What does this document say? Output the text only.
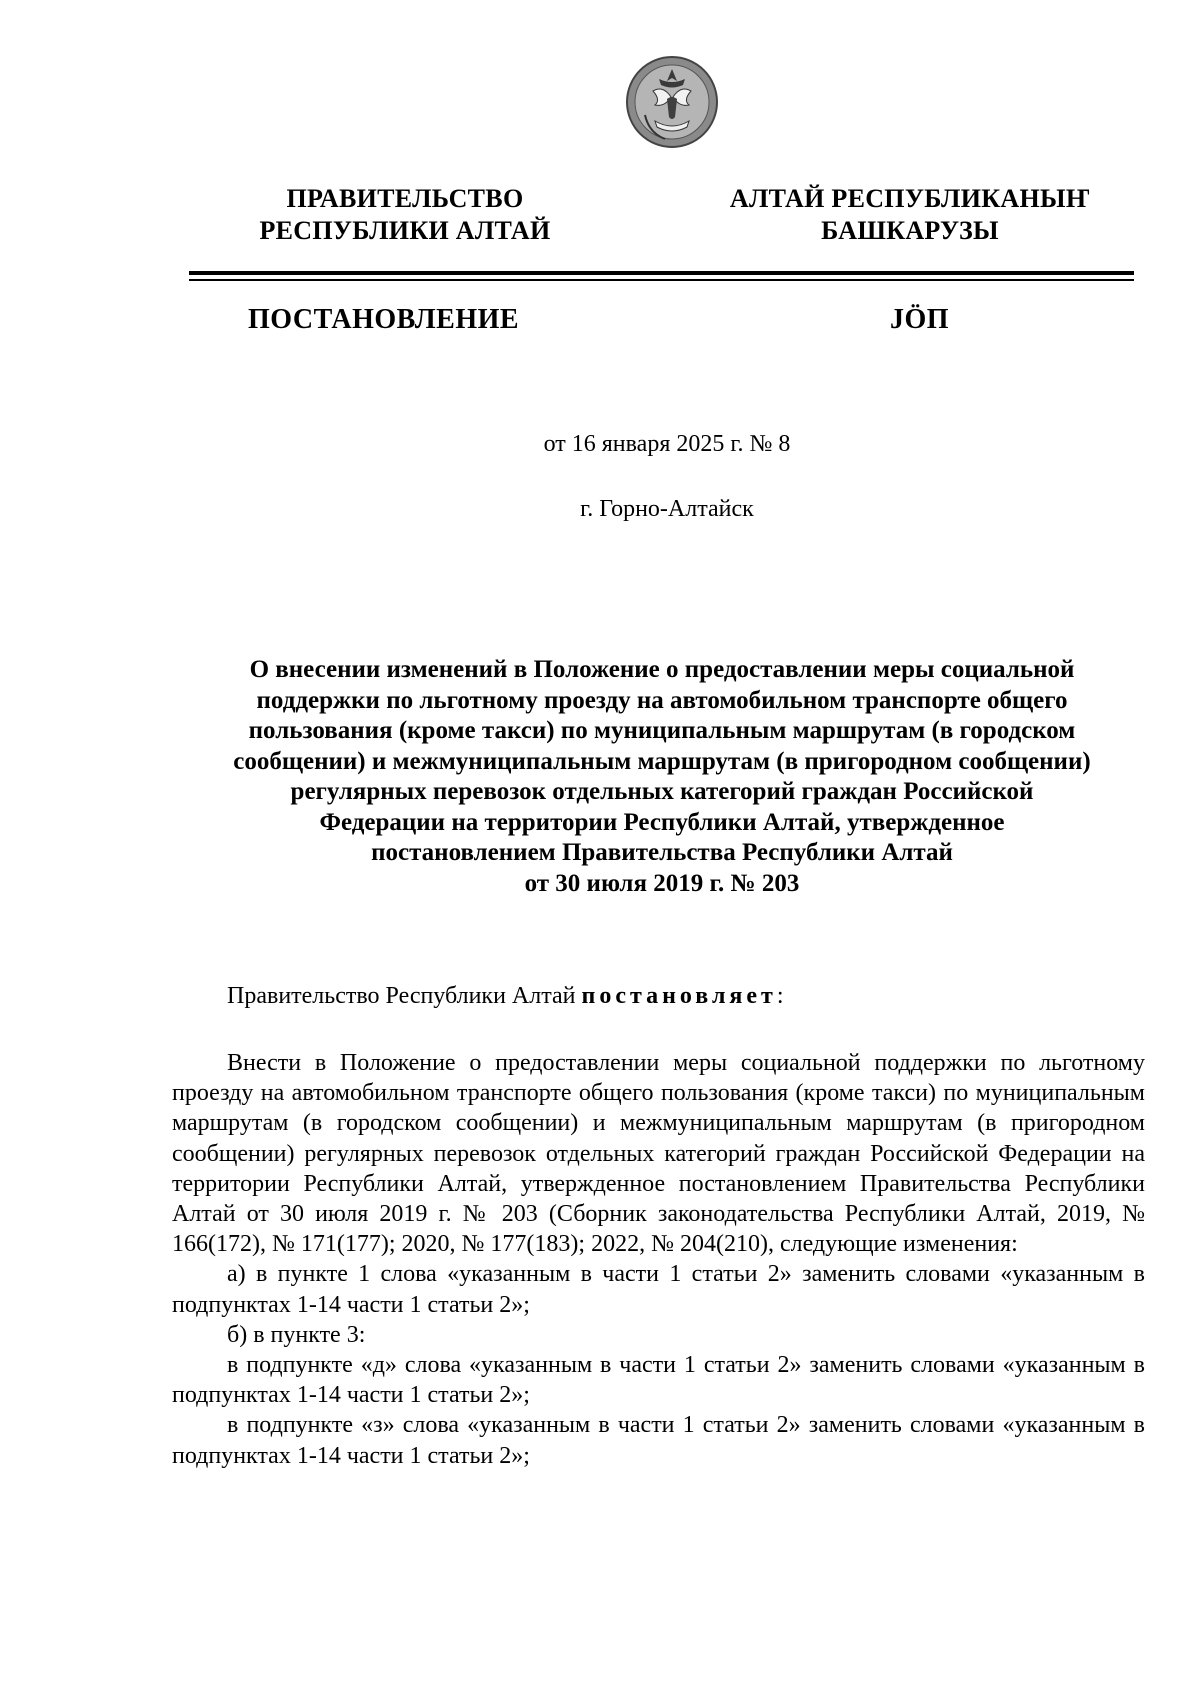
ПРАВИТЕЛЬСТВО
РЕСПУБЛИКИ АЛТАЙ
АЛТАЙ РЕСПУБЛИКАНЫҤ
БАШКАРУЗЫ
ПОСТАНОВЛЕНИЕ	JӦП
от 16 января 2025 г. № 8
г. Горно-Алтайск
О внесении изменений в Положение о предоставлении меры социальной
поддержки по льготному проезду на автомобильном транспорте общего
пользования (кроме такси) по муниципальным маршрутам (в городском
сообщении) и межмуниципальным маршрутам (в пригородном сообщении)
регулярных перевозок отдельных категорий граждан Российской
Федерации на территории Республики Алтай, утвержденное
постановлением Правительства Республики Алтай
от 30 июля 2019 г. № 203
Правительство Республики Алтай постановляет:

Внести в Положение о предоставлении меры социальной поддержки по льготному проезду на автомобильном транспорте общего пользования (кроме такси) по муниципальным маршрутам (в городском сообщении) и межмуниципальным маршрутам (в пригородном сообщении) регулярных перевозок отдельных категорий граждан Российской Федерации на территории Республики Алтай, утвержденное постановлением Правительства Республики Алтай от 30 июля 2019 г. № 203 (Сборник законодательства Республики Алтай, 2019, № 166(172), № 171(177); 2020, № 177(183); 2022, № 204(210), следующие изменения:

а) в пункте 1 слова «указанным в части 1 статьи 2» заменить словами «указанным в подпунктах 1-14 части 1 статьи 2»;

б) в пункте 3:

в подпункте «д» слова «указанным в части 1 статьи 2» заменить словами «указанным в подпунктах 1-14 части 1 статьи 2»;

в подпункте «з» слова «указанным в части 1 статьи 2» заменить словами «указанным в подпунктах 1-14 части 1 статьи 2»;
